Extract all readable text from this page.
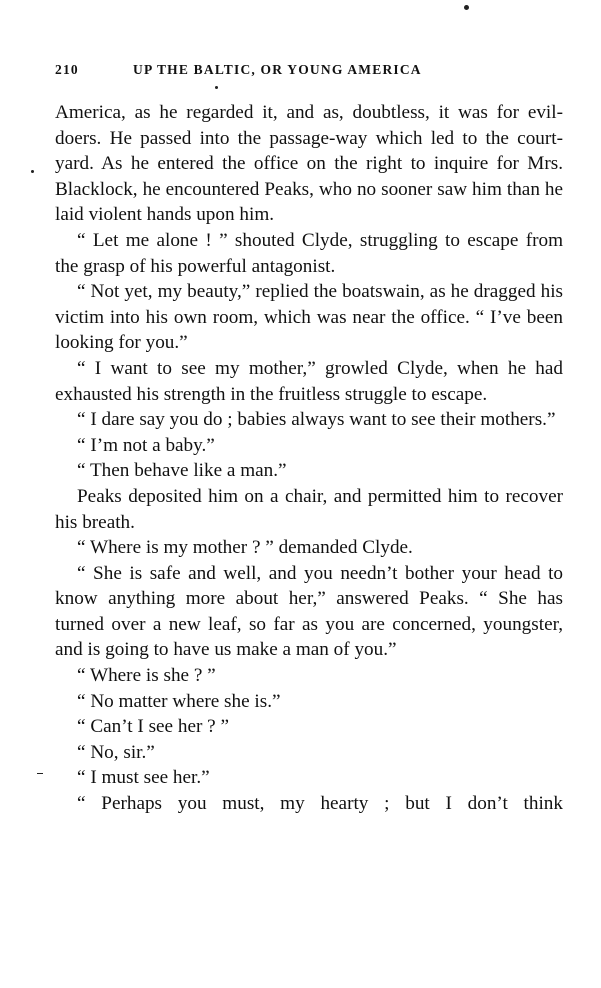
210	UP THE BALTIC, OR YOUNG AMERICA

America, as he regarded it, and as, doubtless, it was for evil-doers. He passed into the passage-way which led to the court-yard. As he entered the office on the right to inquire for Mrs. Blacklock, he encountered Peaks, who no sooner saw him than he laid violent hands upon him.

“ Let me alone ! ” shouted Clyde, struggling to escape from the grasp of his powerful antagonist.

“ Not yet, my beauty,” replied the boatswain, as he dragged his victim into his own room, which was near the office. “ I’ve been looking for you.”

“ I want to see my mother,” growled Clyde, when he had exhausted his strength in the fruitless struggle to escape.

“ I dare say you do ; babies always want to see their mothers.”

“ I’m not a baby.”

“ Then behave like a man.”

Peaks deposited him on a chair, and permitted him to recover his breath.

“ Where is my mother ? ” demanded Clyde.

“ She is safe and well, and you needn’t bother your head to know anything more about her,” answered Peaks. “ She has turned over a new leaf, so far as you are concerned, youngster, and is going to have us make a man of you.”

“ Where is she ? ”

“ No matter where she is.”

“ Can’t I see her ? ”

“ No, sir.”

“ I must see her.”

“ Perhaps you must, my hearty ; but I don’t think
